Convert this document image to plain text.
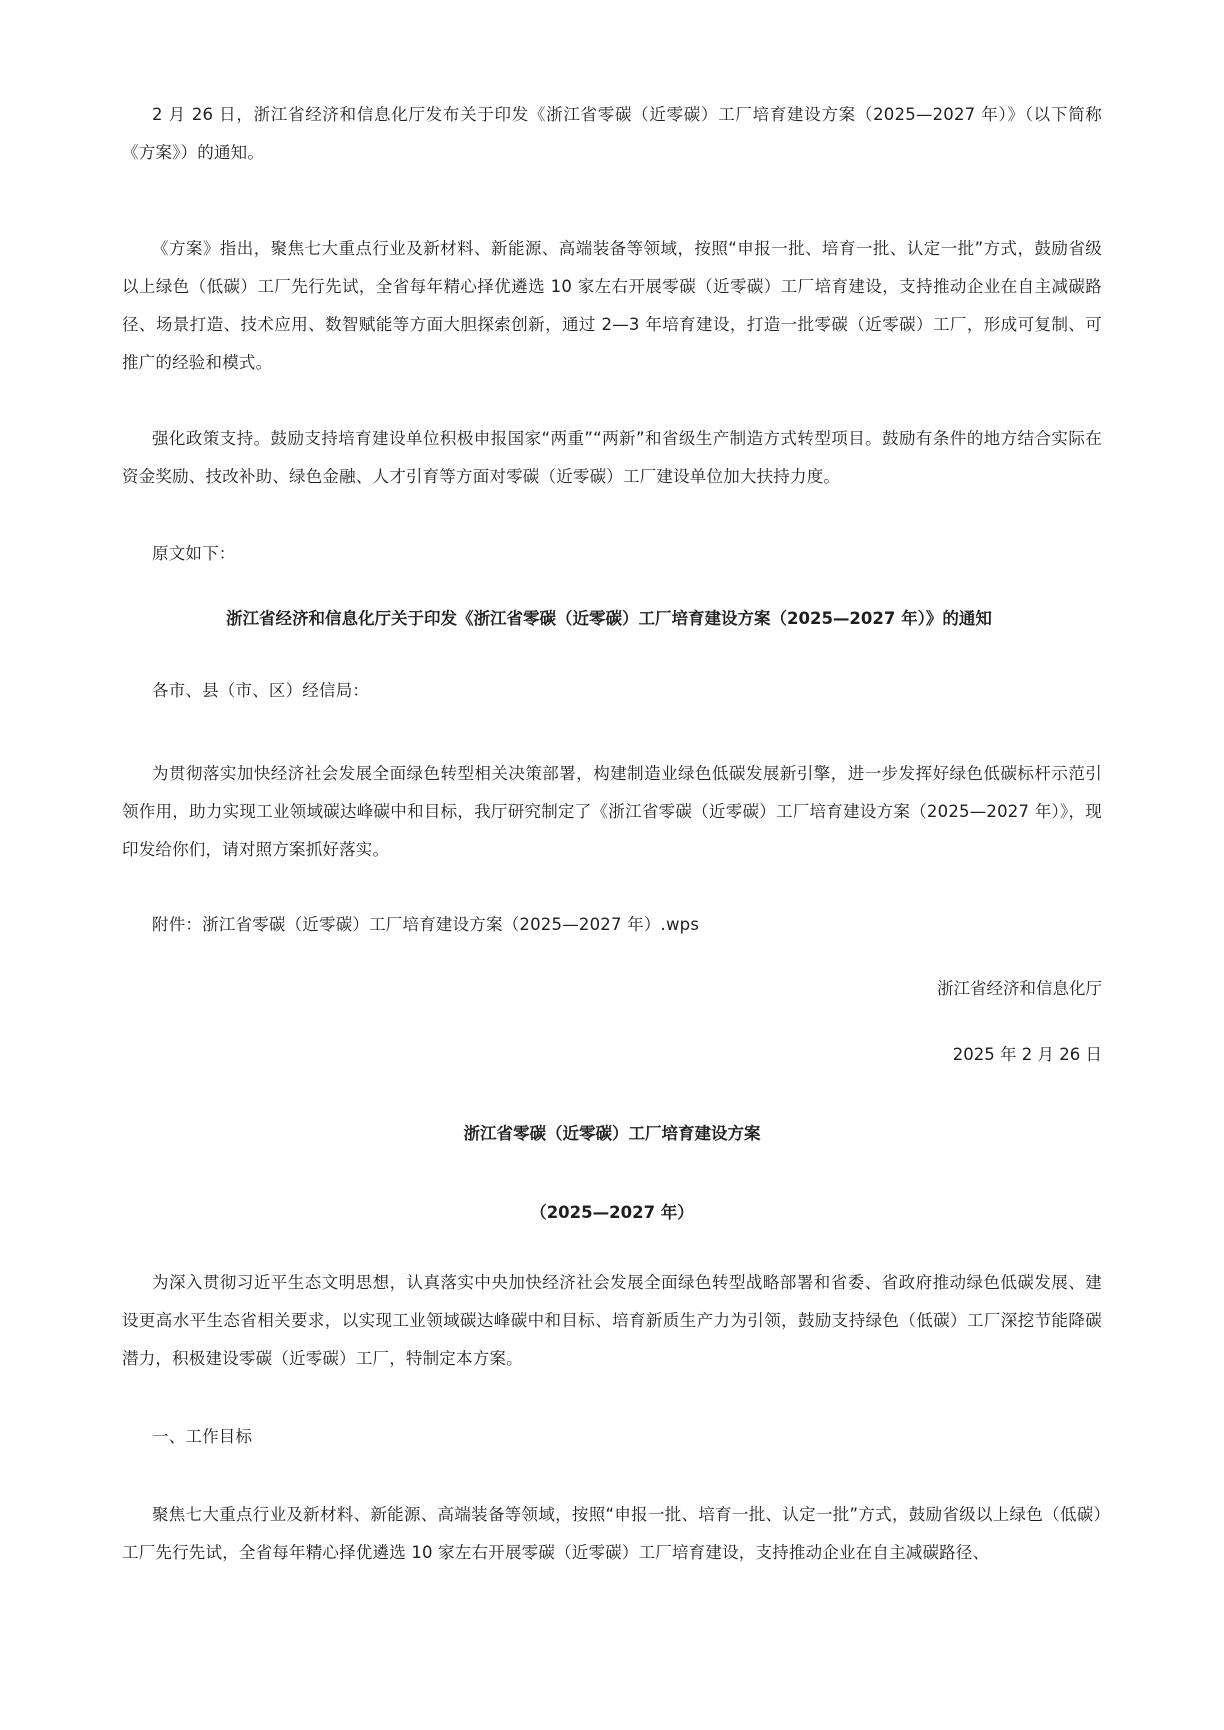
2 月 26 日，浙江省经济和信息化厅发布关于印发《浙江省零碳（近零碳）工厂培育建设方案（2025—2027 年）》（以下简称《方案》）的通知。

《方案》指出，聚焦七大重点行业及新材料、新能源、高端装备等领域，按照“申报一批、培育一批、认定一批”方式，鼓励省级以上绿色（低碳）工厂先行先试，全省每年精心择优遴选 10 家左右开展零碳（近零碳）工厂培育建设，支持推动企业在自主减碳路径、场景打造、技术应用、数智赋能等方面大胆探索创新，通过 2—3 年培育建设，打造一批零碳（近零碳）工厂，形成可复制、可推广的经验和模式。

强化政策支持。鼓励支持培育建设单位积极申报国家“两重”“两新”和省级生产制造方式转型项目。鼓励有条件的地方结合实际在资金奖励、技改补助、绿色金融、人才引育等方面对零碳（近零碳）工厂建设单位加大扶持力度。

原文如下：

浙江省经济和信息化厅关于印发《浙江省零碳（近零碳）工厂培育建设方案（2025—2027 年）》的通知

各市、县（市、区）经信局：

为贯彻落实加快经济社会发展全面绿色转型相关决策部署，构建制造业绿色低碳发展新引擎，进一步发挥好绿色低碳标杆示范引领作用，助力实现工业领域碳达峰碳中和目标，我厅研究制定了《浙江省零碳（近零碳）工厂培育建设方案（2025—2027 年）》，现印发给你们，请对照方案抓好落实。

附件：浙江省零碳（近零碳）工厂培育建设方案（2025—2027 年）.wps

浙江省经济和信息化厅

2025 年 2 月 26 日

浙江省零碳（近零碳）工厂培育建设方案

（2025—2027 年）

为深入贯彻习近平生态文明思想，认真落实中央加快经济社会发展全面绿色转型战略部署和省委、省政府推动绿色低碳发展、建设更高水平生态省相关要求，以实现工业领域碳达峰碳中和目标、培育新质生产力为引领，鼓励支持绿色（低碳）工厂深挖节能降碳潜力，积极建设零碳（近零碳）工厂，特制定本方案。

一、工作目标

聚焦七大重点行业及新材料、新能源、高端装备等领域，按照“申报一批、培育一批、认定一批”方式，鼓励省级以上绿色（低碳）工厂先行先试，全省每年精心择优遴选 10 家左右开展零碳（近零碳）工厂培育建设，支持推动企业在自主减碳路径、
